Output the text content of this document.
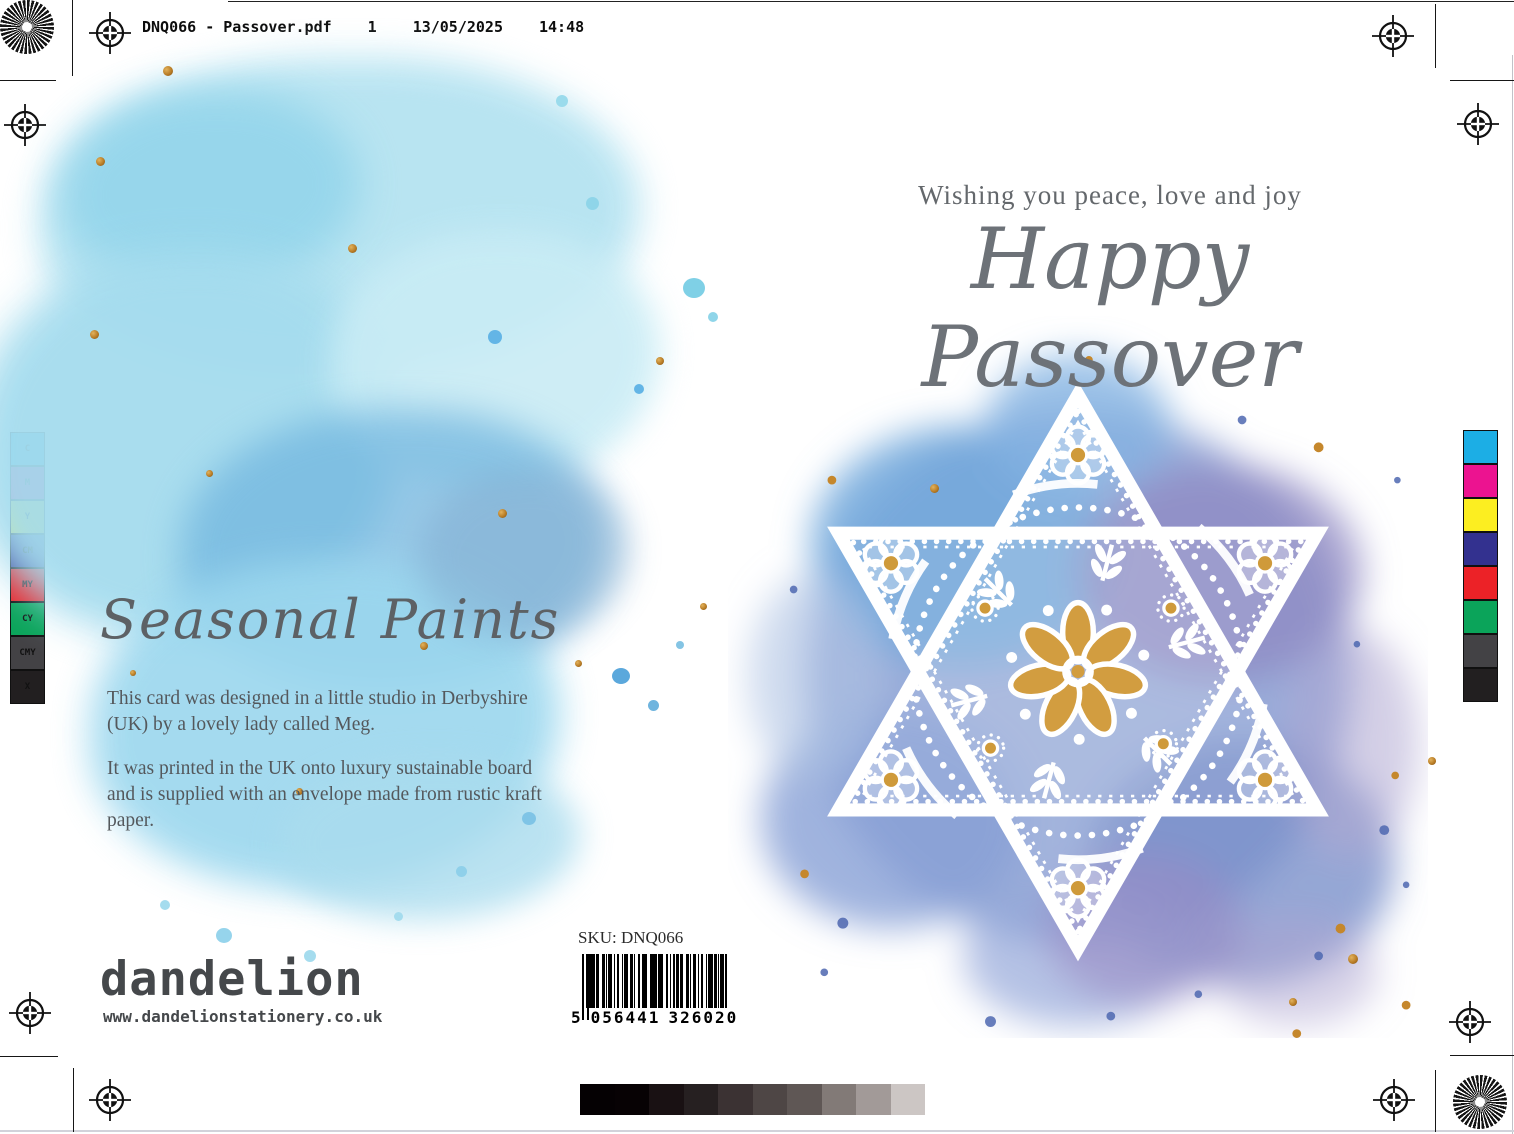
DNQ066 - Passover.pdf 1 13/05/2025 14:48
CY
CMY
X
Seasonal Paints

This card was designed in a little studio in Derbyshire (UK) by a lovely lady called Meg.

It was printed in the UK onto luxury sustainable board and is supplied with an envelope made from rustic kraft paper.

dandelion
www.dandelionstationery.co.uk
Wishing you peace, love and joy
Happy Passover
SKU: DNQ066
5 056441 326020
